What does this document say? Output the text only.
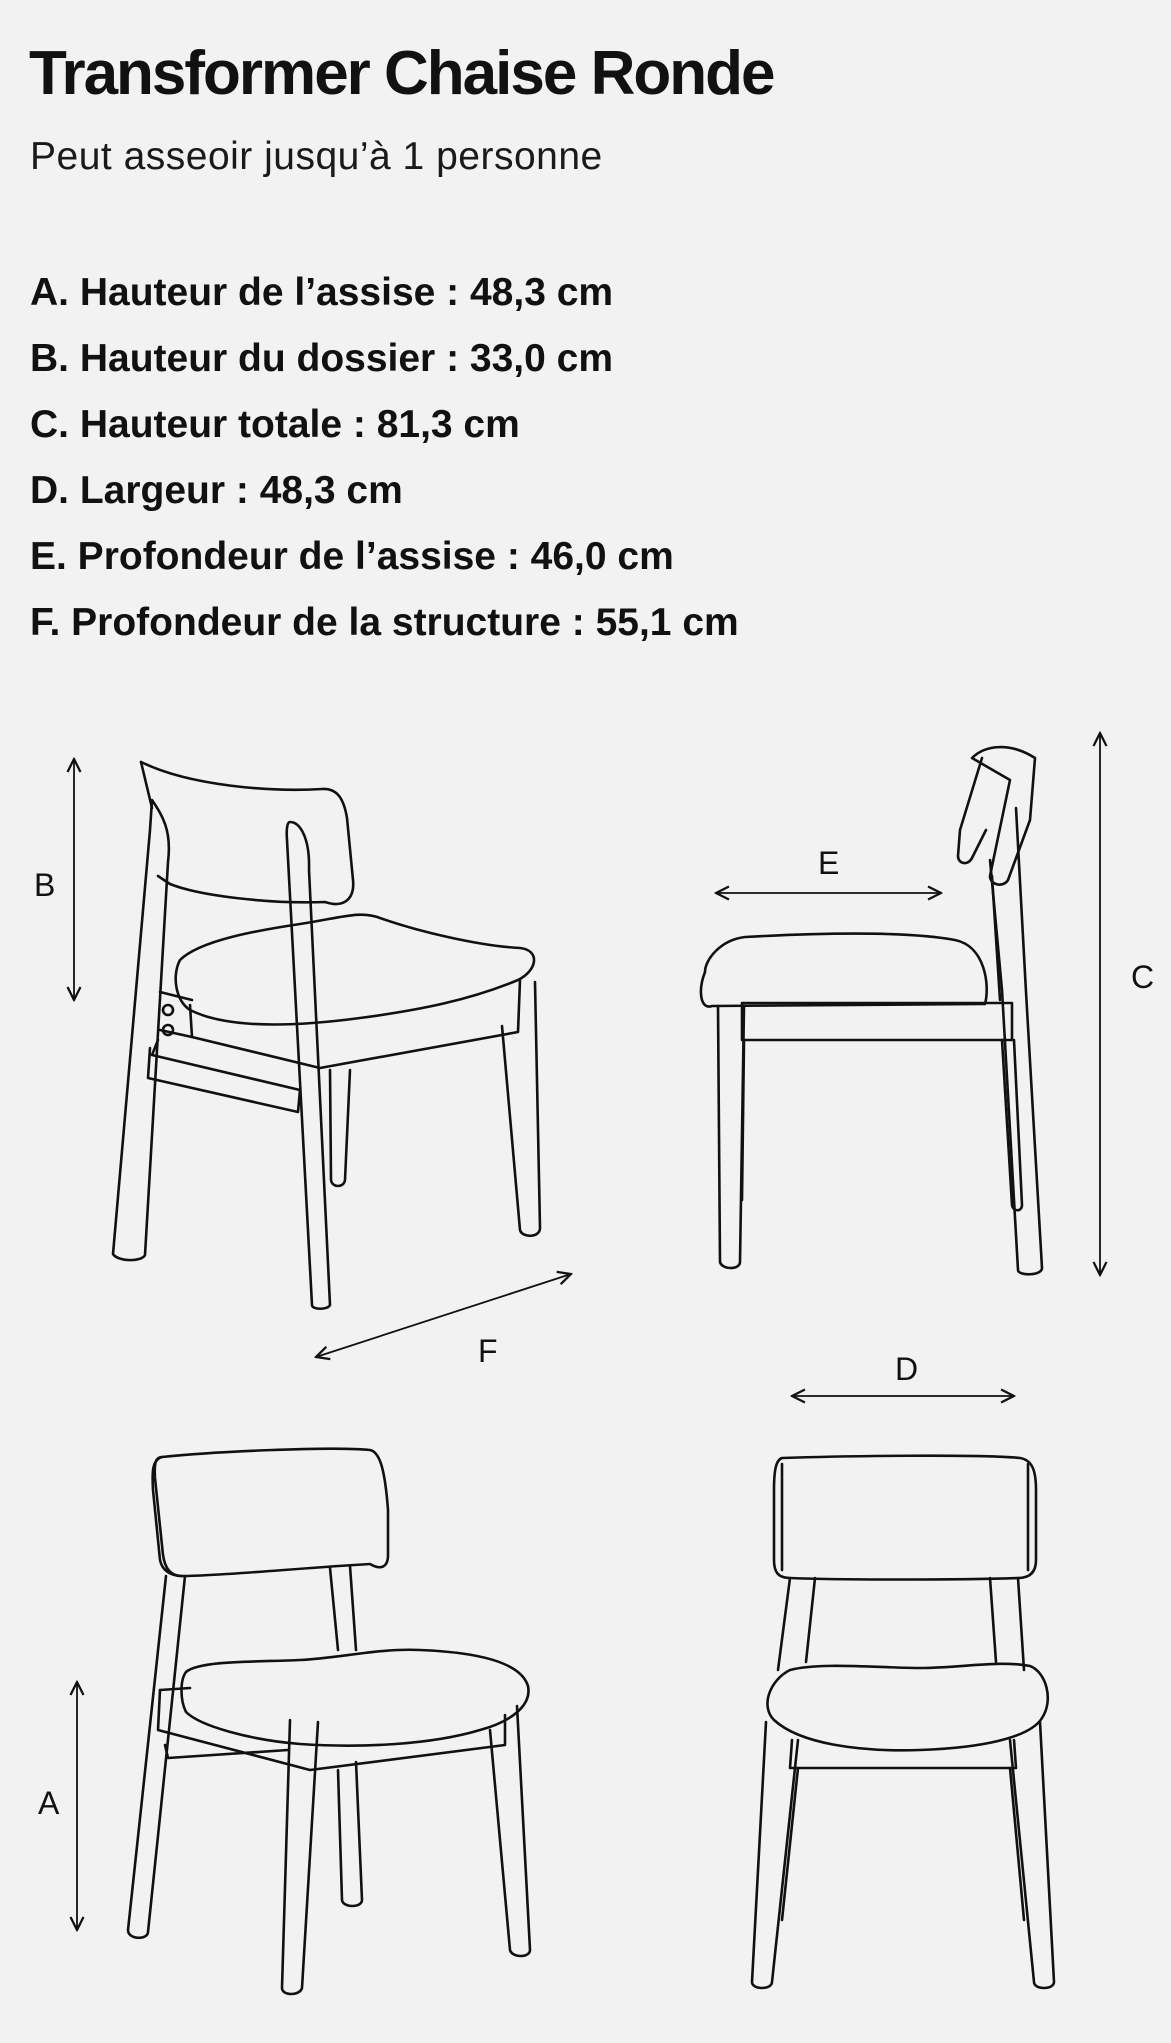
Transformer Chaise Ronde
Peut asseoir jusqu’à 1 personne
A. Hauteur de l’assise : 48,3 cm
B. Hauteur du dossier : 33,0 cm
C. Hauteur totale : 81,3 cm
D. Largeur : 48,3 cm
E. Profondeur de l’assise : 46,0 cm
F. Profondeur de la structure : 55,1 cm
B
E
C
F	D
A
